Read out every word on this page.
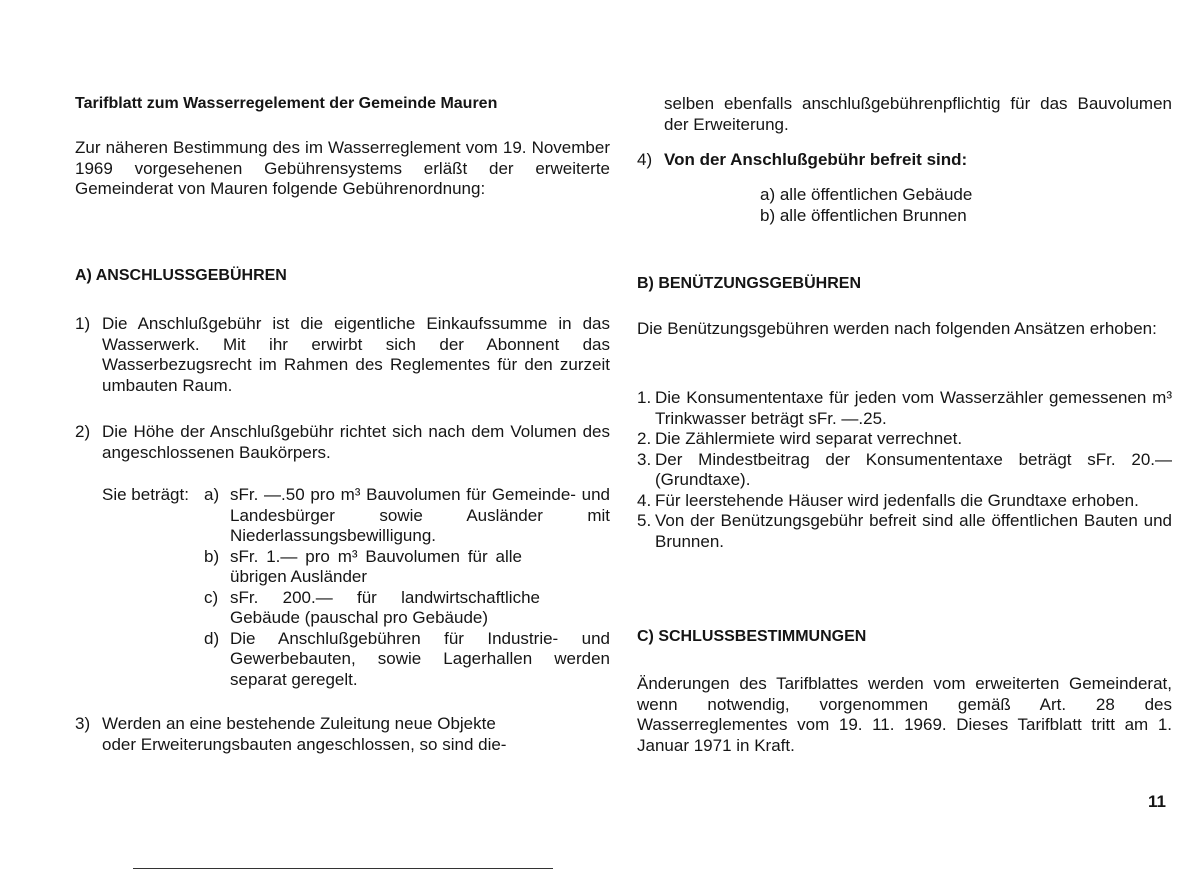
Tarifblatt zum Wasserregelement der Gemeinde Mauren
Zur näheren Bestimmung des im Wasserreglement vom 19. November 1969 vorgesehenen Gebührensystems erläßt der erweiterte Gemeinderat von Mauren folgende Gebührenordnung:
A) ANSCHLUSSGEBÜHREN
1) Die Anschlußgebühr ist die eigentliche Einkaufssumme in das Wasserwerk. Mit ihr erwirbt sich der Abonnent das Wasserbezugsrecht im Rahmen des Reglementes für den zurzeit umbauten Raum.
2) Die Höhe der Anschlußgebühr richtet sich nach dem Volumen des angeschlossenen Baukörpers.
Sie beträgt: a) sFr. —.50 pro m³ Bauvolumen für Gemeinde- und Landesbürger sowie Ausländer mit Niederlassungsbewilligung.
b) sFr. 1.— pro m³ Bauvolumen für alle übrigen Ausländer
c) sFr. 200.— für landwirtschaftliche Gebäude (pauschal pro Gebäude)
d) Die Anschlußgebühren für Industrie- und Gewerbebauten, sowie Lagerhallen werden separat geregelt.
3) Werden an eine bestehende Zuleitung neue Objekte
oder Erweiterungsbauten angeschlossen, so sind die-
selben ebenfalls anschlußgebührenpflichtig für das Bauvolumen der Erweiterung.
4) Von der Anschlußgebühr befreit sind:
a) alle öffentlichen Gebäude
b) alle öffentlichen Brunnen
B) BENÜTZUNGSGEBÜHREN
Die Benützungsgebühren werden nach folgenden Ansätzen erhoben:
1. Die Konsumententaxe für jeden vom Wasserzähler gemessenen m³ Trinkwasser beträgt sFr. —.25.
2. Die Zählermiete wird separat verrechnet.
3. Der Mindestbeitrag der Konsumententaxe beträgt sFr. 20.— (Grundtaxe).
4. Für leerstehende Häuser wird jedenfalls die Grundtaxe erhoben.
5. Von der Benützungsgebühr befreit sind alle öffentlichen Bauten und Brunnen.
C) SCHLUSSBESTIMMUNGEN
Änderungen des Tarifblattes werden vom erweiterten Gemeinderat, wenn notwendig, vorgenommen gemäß Art. 28 des Wasserreglementes vom 19. 11. 1969. Dieses Tarifblatt tritt am 1. Januar 1971 in Kraft.
11
